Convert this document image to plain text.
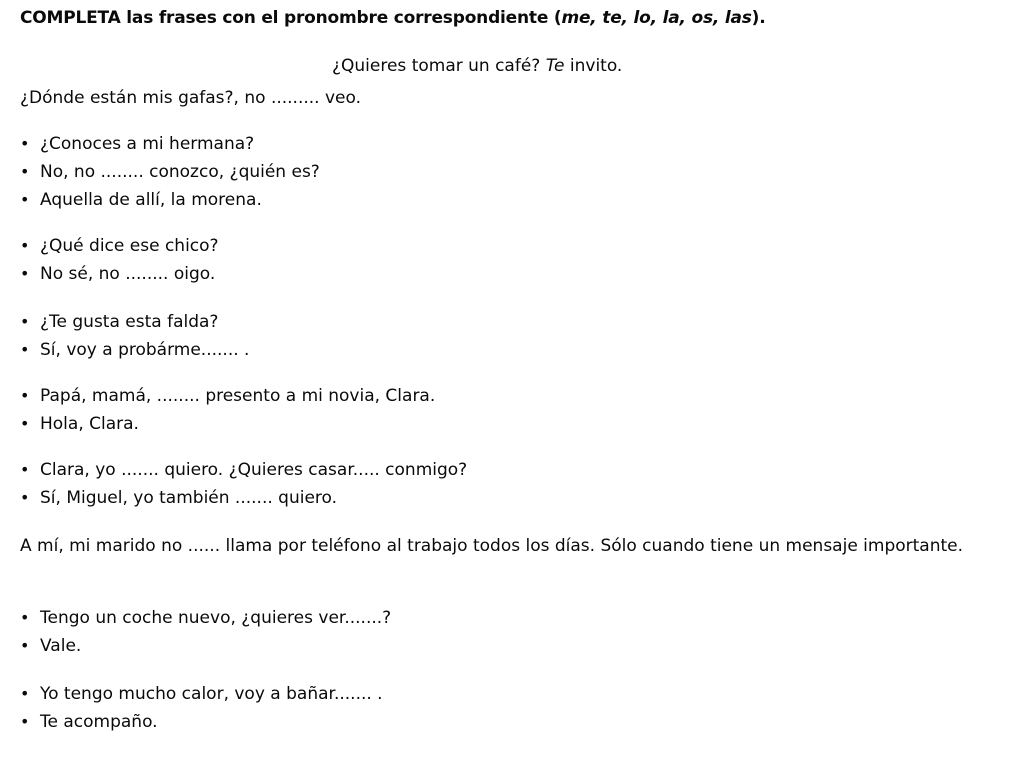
COMPLETA las frases con el pronombre correspondiente (me, te, lo, la, os, las).
¿Quieres tomar un café? Te invito.
¿Dónde están mis gafas?, no ......... veo.
• ¿Conoces a mi hermana?
• No, no ........ conozco, ¿quién es?
• Aquella de allí, la morena.
• ¿Qué dice ese chico?
• No sé, no ........ oigo.
• ¿Te gusta esta falda?
• Sí, voy a probárme....... .
• Papá, mamá, ........ presento a mi novia, Clara.
• Hola, Clara.
• Clara, yo ....... quiero. ¿Quieres casar..... conmigo?
• Sí, Miguel, yo también ....... quiero.
A mí, mi marido no ...... llama por teléfono al trabajo todos los días. Sólo cuando tiene un mensaje importante.
• Tengo un coche nuevo, ¿quieres ver.......?
• Vale.
• Yo tengo mucho calor, voy a bañar....... .
• Te acompaño.
